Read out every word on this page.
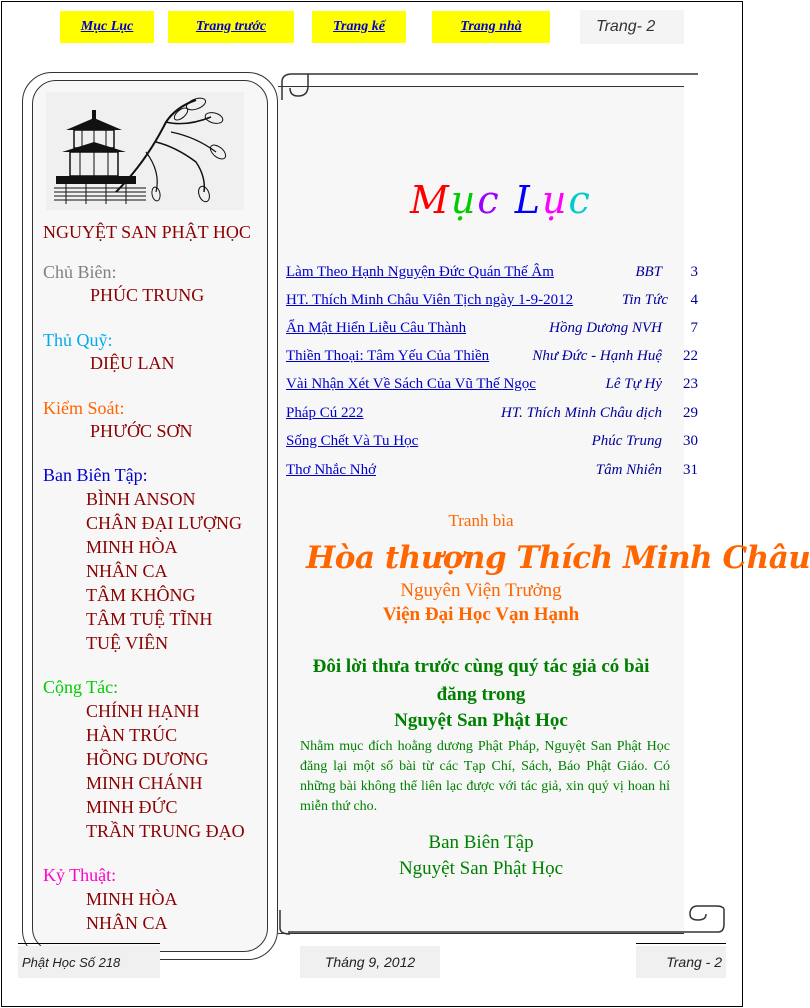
Mục Lục	Trang trước	Trang kế	Trang nhà	Trang- 2
NGUYỆT SAN PHẬT HỌC
Chủ Biên:
PHÚC TRUNG
Thủ Quỹ:
DIỆU LAN
Kiểm Soát:
PHƯỚC SƠN
Ban Biên Tập:
BÌNH ANSON
CHÂN ĐẠI LƯỢNG
MINH HÒA
NHÂN CA
TÂM KHÔNG
TÂM TUỆ TĨNH
TUỆ VIÊN
Cộng Tác:
CHÍNH HẠNH
HÀN TRÚC
HỒNG DƯƠNG
MINH CHÁNH
MINH ĐỨC
TRẦN TRUNG ĐẠO
Kỷ Thuật:
MINH HÒA
NHÂN CA
Mục Lục
Làm Theo Hạnh Nguyện Đức Quán Thế Âm	BBT	3
HT. Thích Minh Châu Viên Tịch ngày 1-9-2012	Tin Tức	4
Ẩn Mật Hiển Liễu Câu Thành	Hồng Dương NVH	7
Thiền Thoại: Tâm Yếu Của Thiền	Như Đức - Hạnh Huệ	22
Vài Nhận Xét Về Sách Của Vũ Thế Ngọc	Lê Tự Hỷ	23
Pháp Cú 222	HT. Thích Minh Châu dịch	29
Sống Chết Và Tu Học	Phúc Trung	30
Thơ Nhắc Nhớ	Tâm Nhiên	31
Tranh bìa
Hòa thượng Thích Minh Châu
Nguyên Viện Trưởng
Viện Đại Học Vạn Hạnh
Đôi lời thưa trước cùng quý tác giả có bài
đăng trong
Nguyệt San Phật Học
Nhằm mục đích hoằng dương Phật Pháp, Nguyệt San Phật Học đăng lại một số bài từ các Tạp Chí, Sách, Báo Phật Giáo. Có những bài không thể liên lạc được với tác giả, xin quý vị hoan hỉ miễn thứ cho.
Ban Biên Tập
Nguyệt San Phật Học
Phật Học Số 218	Tháng 9, 2012	Trang - 2
